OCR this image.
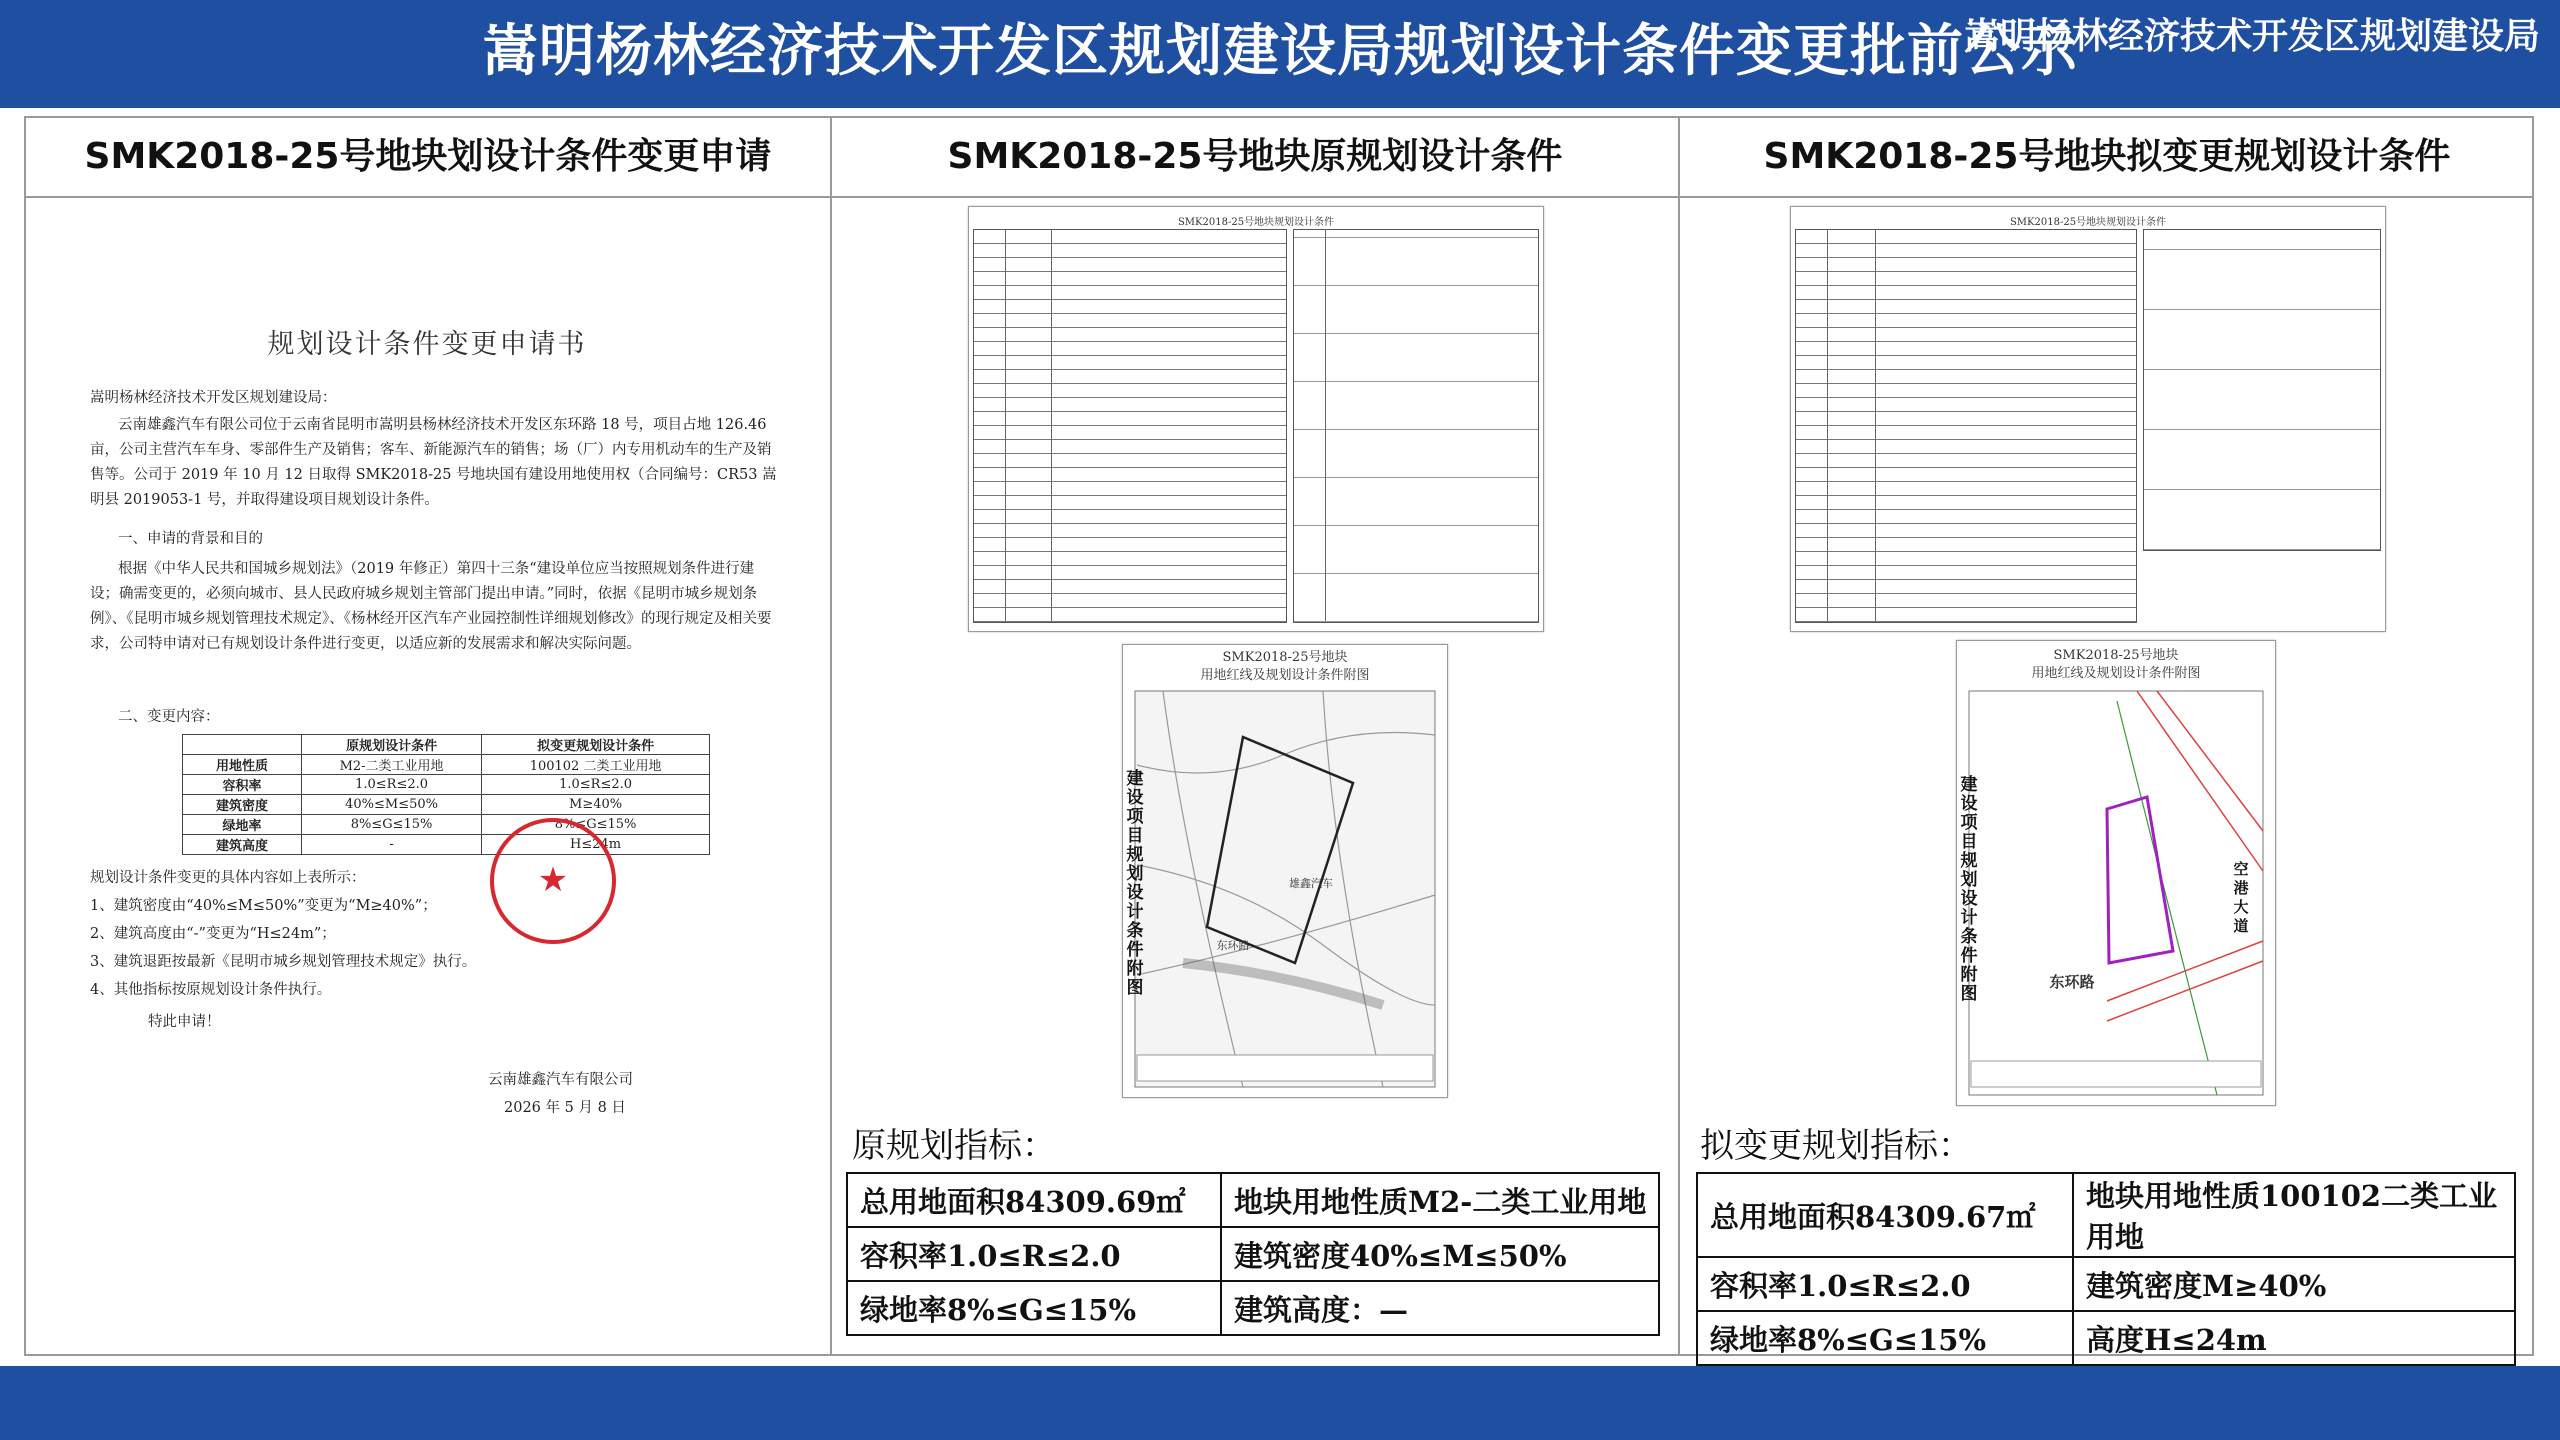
嵩明杨林经济技术开发区规划建设局规划设计条件变更批前公示
嵩明杨林经济技术开发区规划建设局
SMK2018-25号地块划设计条件变更申请	SMK2018-25号地块原规划设计条件	SMK2018-25号地块拟变更规划设计条件
规划设计条件变更申请书
嵩明杨林经济技术开发区规划建设局：
云南雄鑫汽车有限公司位于云南省昆明市嵩明县杨林经济技术开发区东环路 18 号，项目占地 126.46 亩，公司主营汽车车身、零部件生产及销售；客车、新能源汽车的销售；场（厂）内专用机动车的生产及销售等。公司于 2019 年 10 月 12 日取得 SMK2018-25 号地块国有建设用地使用权（合同编号：CR53 嵩明县 2019053-1 号，并取得建设项目规划设计条件。
一、申请的背景和目的
根据《中华人民共和国城乡规划法》（2019 年修正）第四十三条“建设单位应当按照规划条件进行建设；确需变更的，必须向城市、县人民政府城乡规划主管部门提出申请。”同时，依据《昆明市城乡规划条例》、《昆明市城乡规划管理技术规定》、《杨林经开区汽车产业园控制性详细规划修改》的现行规定及相关要求，公司特申请对已有规划设计条件进行变更，以适应新的发展需求和解决实际问题。
二、变更内容：
	原规划设计条件	拟变更规划设计条件
用地性质	M2-二类工业用地	100102 二类工业用地
容积率	1.0≤R≤2.0	1.0≤R≤2.0
建筑密度	40%≤M≤50%	M≥40%
绿地率	8%≤G≤15%	8%≤G≤15%
建筑高度	-	H≤24m
规划设计条件变更的具体内容如上表所示：
1、建筑密度由“40%≤M≤50%”变更为“M≥40%”；
2、建筑高度由“-”变更为“H≤24m”；
3、建筑退距按最新《昆明市城乡规划管理技术规定》执行。
4、其他指标按原规划设计条件执行。
特此申请！
云南雄鑫汽车有限公司
2026 年 5 月 8 日
★
SMK2018-25号地块规划设计条件
SMK2018-25号地块
用地红线及规划设计条件附图
东环路
雄鑫汽车
建设项目规划设计条件附图
SMK2018-25号地块规划设计条件
SMK2018-25号地块
用地红线及规划设计条件附图
东环路
建设项目规划设计条件附图
空港大道
原规划指标：
总用地面积84309.69㎡	地块用地性质M2-二类工业用地
容积率1.0≤R≤2.0	建筑密度40%≤M≤50%
绿地率8%≤G≤15%	建筑高度：—
拟变更规划指标：
总用地面积84309.67㎡	地块用地性质100102二类工业用地
容积率1.0≤R≤2.0	建筑密度M≥40%
绿地率8%≤G≤15%	高度H≤24m
